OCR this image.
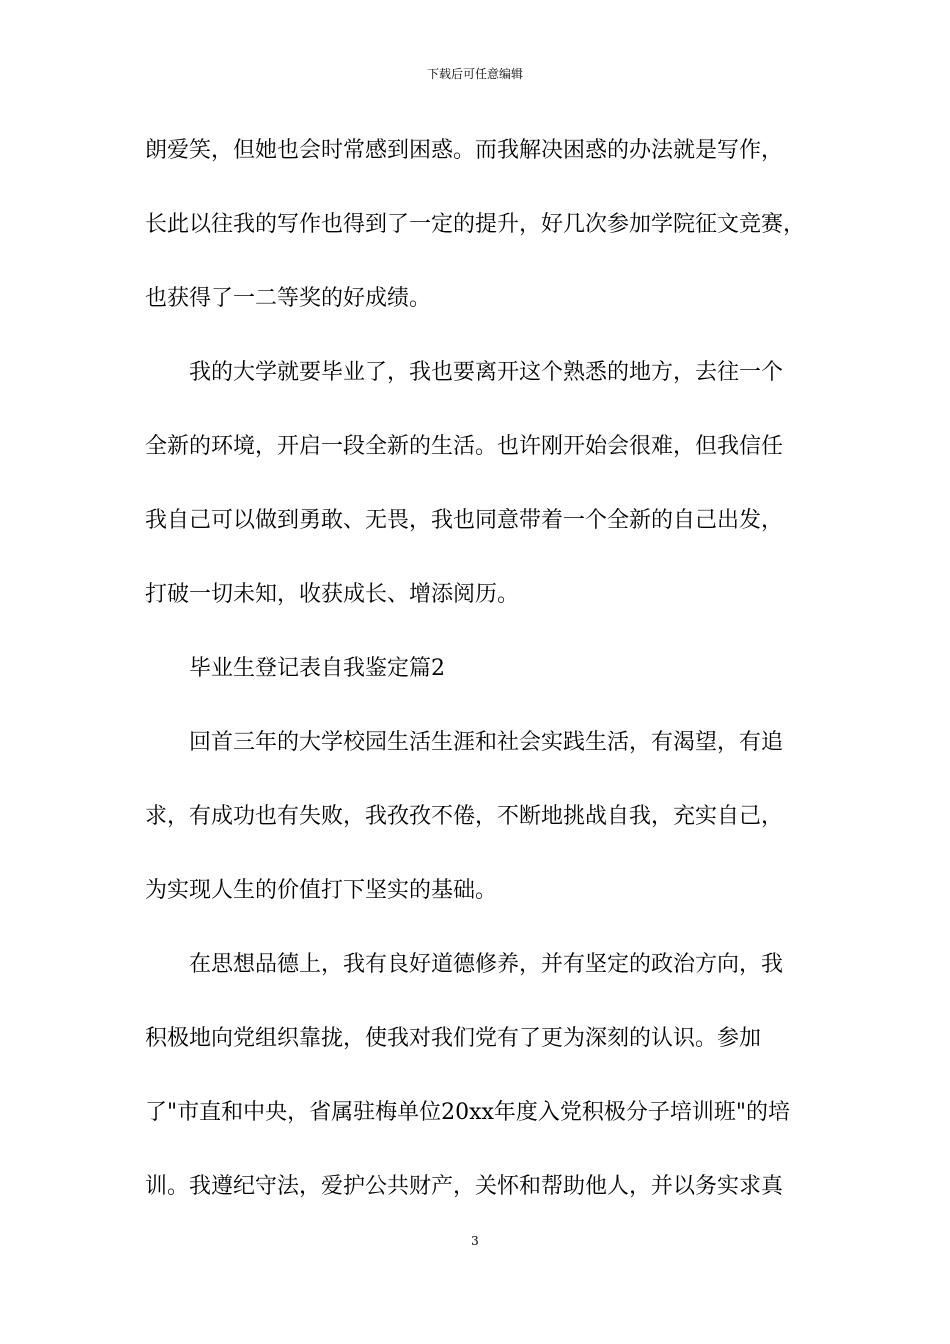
下载后可任意编辑
朗爱笑，但她也会时常感到困惑。而我解决困惑的办法就是写作，
长此以往我的写作也得到了一定的提升，好几次参加学院征文竞赛，
也获得了一二等奖的好成绩。
我的大学就要毕业了，我也要离开这个熟悉的地方，去往一个
全新的环境，开启一段全新的生活。也许刚开始会很难，但我信任
我自己可以做到勇敢、无畏，我也同意带着一个全新的自己出发，
打破一切未知，收获成长、增添阅历。
毕业生登记表自我鉴定篇2
回首三年的大学校园生活生涯和社会实践生活，有渴望，有追
求，有成功也有失败，我孜孜不倦，不断地挑战自我，充实自己，
为实现人生的价值打下坚实的基础。
在思想品德上，我有良好道德修养，并有坚定的政治方向，我
积极地向党组织靠拢，使我对我们党有了更为深刻的认识。参加
了"市直和中央，省属驻梅单位20xx年度入党积极分子培训班"的培
训。我遵纪守法，爱护公共财产，关怀和帮助他人，并以务实求真
3
